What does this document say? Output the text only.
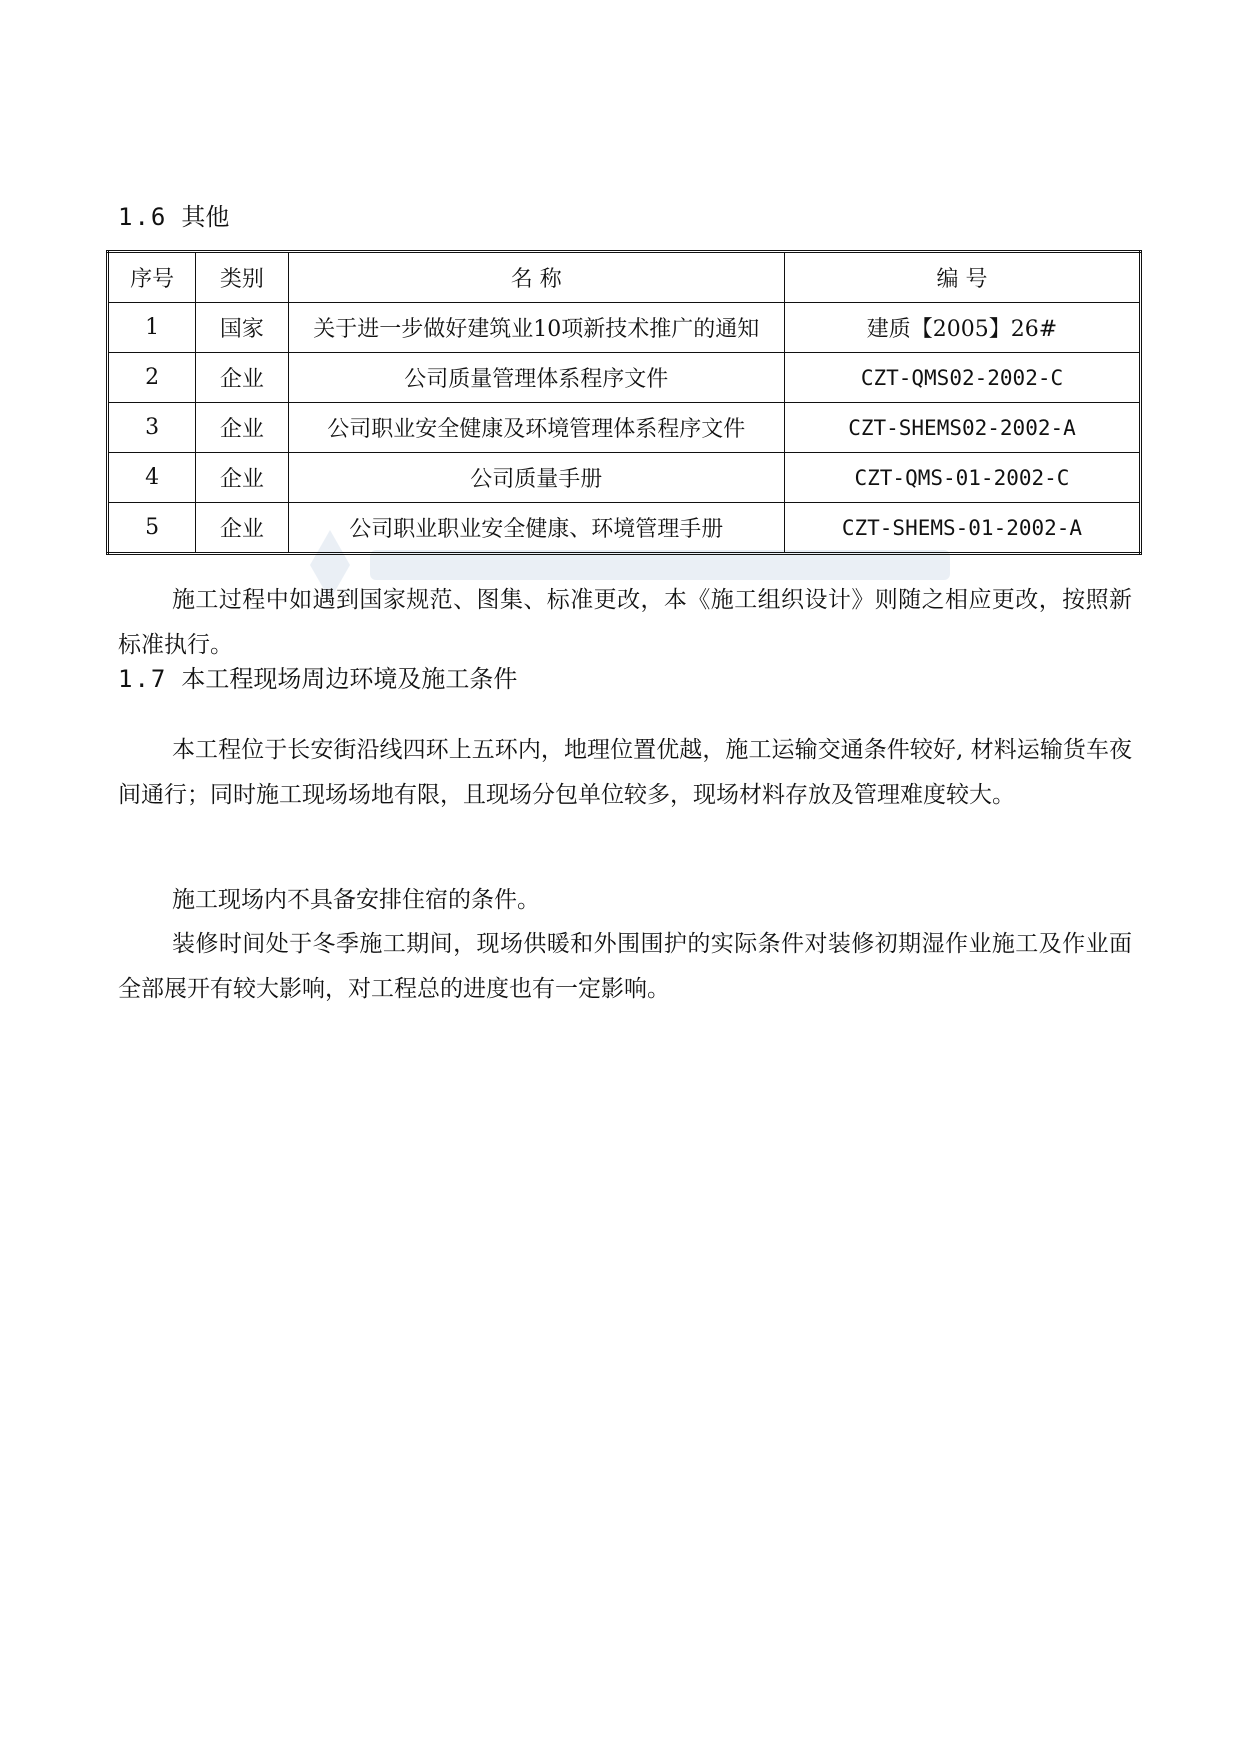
1.6 其他
序号	类别	名 称	编 号
1	国家	关于进一步做好建筑业10项新技术推广的通知	建质【2005】26#
2	企业	公司质量管理体系程序文件	CZT-QMS02-2002-C
3	企业	公司职业安全健康及环境管理体系程序文件	CZT-SHEMS02-2002-A
4	企业	公司质量手册	CZT-QMS-01-2002-C
5	企业	公司职业职业安全健康、环境管理手册	CZT-SHEMS-01-2002-A

施工过程中如遇到国家规范、图集、标准更改，本《施工组织设计》则随之相应更改，按照新标准执行。

1.7 本工程现场周边环境及施工条件

本工程位于长安街沿线四环上五环内，地理位置优越，施工运输交通条件较好, 材料运输货车夜间通行；同时施工现场场地有限，且现场分包单位较多，现场材料存放及管理难度较大。

施工现场内不具备安排住宿的条件。

装修时间处于冬季施工期间，现场供暖和外围围护的实际条件对装修初期湿作业施工及作业面全部展开有较大影响，对工程总的进度也有一定影响。
